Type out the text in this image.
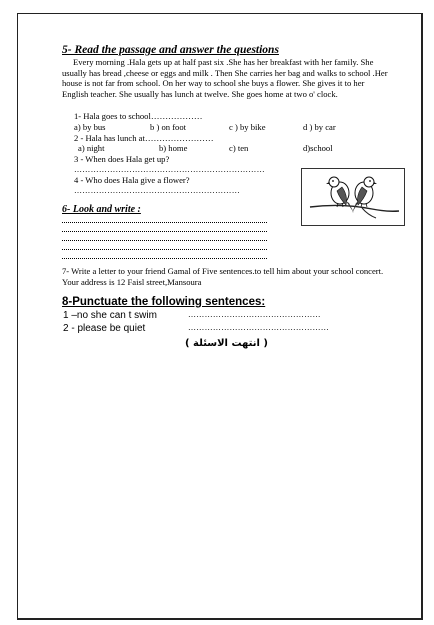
5- Read the passage and answer the questions

Every morning .Hala gets up at half past six .She has her breakfast with her family. She usually has bread ,cheese or eggs and milk . Then She carries her bag and walks to school .Her house is not far from school. On her way to school she buys a flower. She gives it to her English teacher. She usually has lunch at twelve. She goes home at two o' clock.

1- Hala goes to school………………
a) by bus	b ) on foot	c ) by bike	d ) by car
2 - Hala has lunch at……………………
a) night	b) home	c) ten	d)school
3 - When does Hala get up?
……………………………………………………………
4 - Who does Hala give a flower?
……………………………………………………
6- Look and write :
7- Write a letter to your friend Gamal of Five sentences.to tell him about your school concert. Your address is 12 Faisl street,Mansoura
8-Punctuate the following sentences:
1 –no she can t swim	…………………………………………
2 - please be quiet	……………………………………………
( انتهت الاسئلة )
